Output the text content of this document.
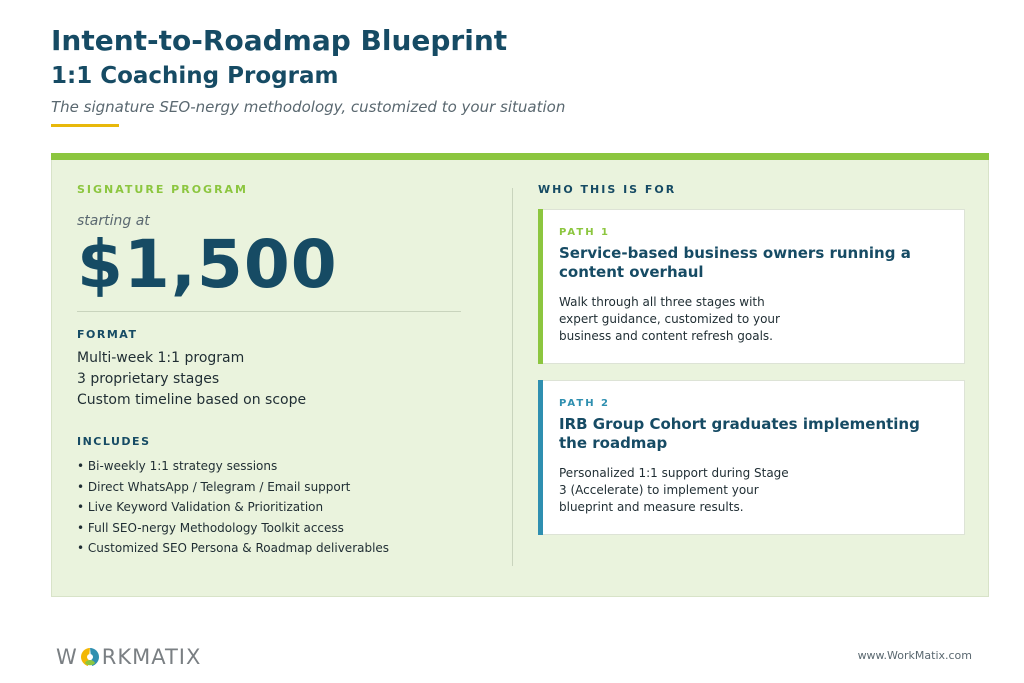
Intent-to-Roadmap Blueprint
1:1 Coaching Program

The signature SEO-nergy methodology, customized to your situation

SIGNATURE PROGRAM
starting at
$1,500
FORMAT
Multi-week 1:1 program
3 proprietary stages
Custom timeline based on scope
INCLUDES
• Bi-weekly 1:1 strategy sessions
• Direct WhatsApp / Telegram / Email support
• Live Keyword Validation & Prioritization
• Full SEO-nergy Methodology Toolkit access
• Customized SEO Persona & Roadmap deliverables
WHO THIS IS FOR
PATH 1
Service-based business owners running a content overhaul
Walk through all three stages with expert guidance, customized to your business and content refresh goals.
PATH 2
IRB Group Cohort graduates implementing the roadmap
Personalized 1:1 support during Stage 3 (Accelerate) to implement your blueprint and measure results.
W RKMATIX	www.WorkMatix.com
